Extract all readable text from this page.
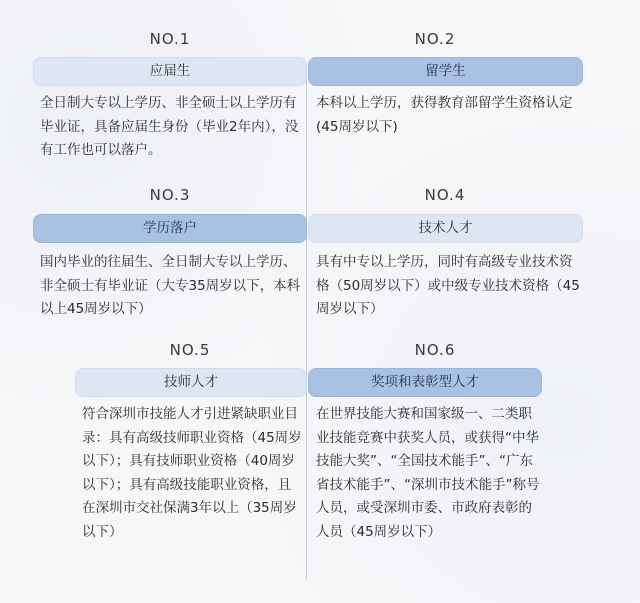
NO.1
应届生
全日制大专以上学历、非全硕士以上学历有毕业证，具备应届生身份（毕业2年内），没有工作也可以落户。
NO.2
留学生
本科以上学历，获得教育部留学生资格认定(45周岁以下)
NO.3
学历落户
国内毕业的往届生、全日制大专以上学历、非全硕士有毕业证（大专35周岁以下，本科以上45周岁以下）
NO.4
技术人才
具有中专以上学历，同时有高级专业技术资格（50周岁以下）或中级专业技术资格（45周岁以下）
NO.5
技师人才
符合深圳市技能人才引进紧缺职业目录：具有高级技师职业资格（45周岁以下）；具有技师职业资格（40周岁以下）；具有高级技能职业资格，且在深圳市交社保满3年以上（35周岁以下）
NO.6
奖项和表彰型人才
在世界技能大赛和国家级一、二类职业技能竞赛中获奖人员，或获得“中华技能大奖”、“全国技术能手”、“广东省技术能手”、“深圳市技术能手”称号人员，或受深圳市委、市政府表彰的人员（45周岁以下）
